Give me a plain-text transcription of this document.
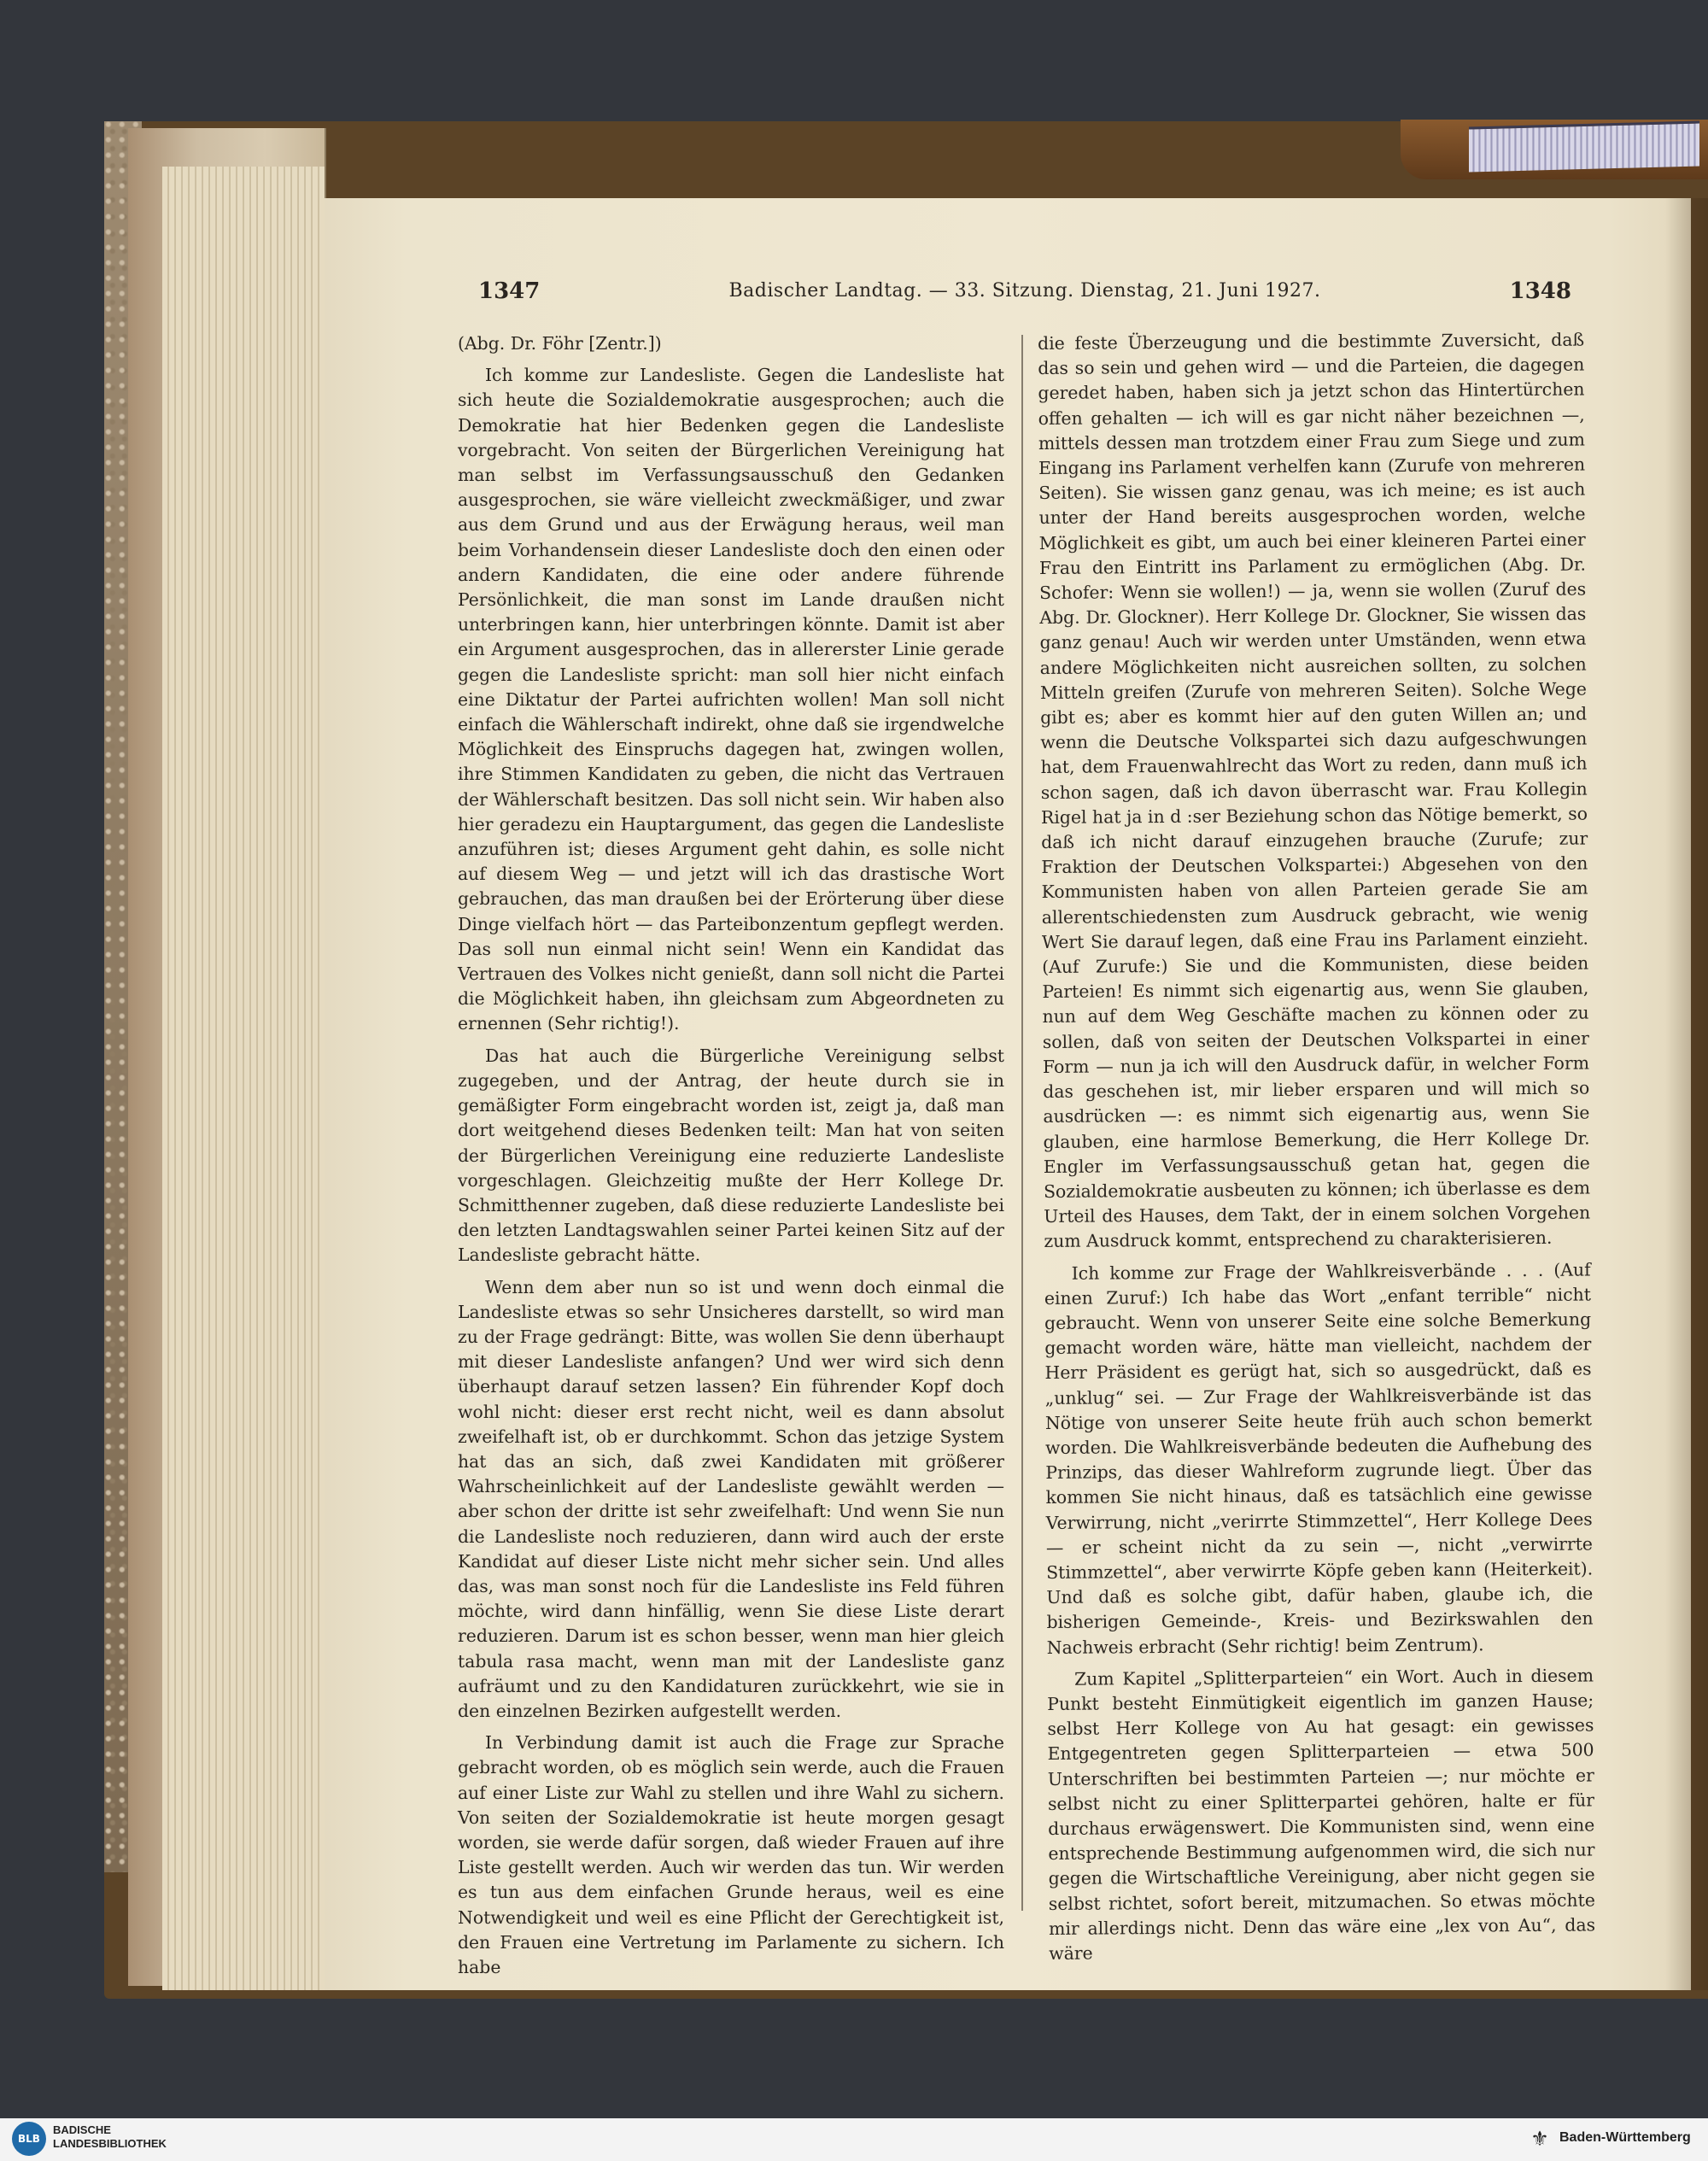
1347	Badischer Landtag. — 33. Sitzung. Dienstag, 21. Juni 1927.	1348

(Abg. Dr. Föhr [Zentr.])

Ich komme zur Landesliste. Gegen die Landesliste hat sich heute die Sozialdemokratie ausgesprochen; auch die Demokratie hat hier Bedenken gegen die Landesliste vorgebracht. Von seiten der Bürgerlichen Vereinigung hat man selbst im Verfassungsausschuß den Gedanken ausgesprochen, sie wäre vielleicht zweckmäßiger, und zwar aus dem Grund und aus der Erwägung heraus, weil man beim Vorhandensein dieser Landesliste doch den einen oder andern Kandidaten, die eine oder andere führende Persönlichkeit, die man sonst im Lande draußen nicht unterbringen kann, hier unterbringen könnte. Damit ist aber ein Argument ausgesprochen, das in allererster Linie gerade gegen die Landesliste spricht: man soll hier nicht einfach eine Diktatur der Partei aufrichten wollen! Man soll nicht einfach die Wählerschaft indirekt, ohne daß sie irgendwelche Möglichkeit des Einspruchs dagegen hat, zwingen wollen, ihre Stimmen Kandidaten zu geben, die nicht das Vertrauen der Wählerschaft besitzen. Das soll nicht sein. Wir haben also hier geradezu ein Hauptargument, das gegen die Landesliste anzuführen ist; dieses Argument geht dahin, es solle nicht auf diesem Weg — und jetzt will ich das drastische Wort gebrauchen, das man draußen bei der Erörterung über diese Dinge vielfach hört — das Parteibonzentum gepflegt werden. Das soll nun einmal nicht sein! Wenn ein Kandidat das Vertrauen des Volkes nicht genießt, dann soll nicht die Partei die Möglichkeit haben, ihn gleichsam zum Abgeordneten zu ernennen (Sehr richtig!).

Das hat auch die Bürgerliche Vereinigung selbst zugegeben, und der Antrag, der heute durch sie in gemäßigter Form eingebracht worden ist, zeigt ja, daß man dort weitgehend dieses Bedenken teilt: Man hat von seiten der Bürgerlichen Vereinigung eine reduzierte Landesliste vorgeschlagen. Gleichzeitig mußte der Herr Kollege Dr. Schmitthenner zugeben, daß diese reduzierte Landesliste bei den letzten Landtagswahlen seiner Partei keinen Sitz auf der Landesliste gebracht hätte.

Wenn dem aber nun so ist und wenn doch einmal die Landesliste etwas so sehr Unsicheres darstellt, so wird man zu der Frage gedrängt: Bitte, was wollen Sie denn überhaupt mit dieser Landesliste anfangen? Und wer wird sich denn überhaupt darauf setzen lassen? Ein führender Kopf doch wohl nicht: dieser erst recht nicht, weil es dann absolut zweifelhaft ist, ob er durchkommt. Schon das jetzige System hat das an sich, daß zwei Kandidaten mit größerer Wahrscheinlichkeit auf der Landesliste gewählt werden — aber schon der dritte ist sehr zweifelhaft: Und wenn Sie nun die Landesliste noch reduzieren, dann wird auch der erste Kandidat auf dieser Liste nicht mehr sicher sein. Und alles das, was man sonst noch für die Landesliste ins Feld führen möchte, wird dann hinfällig, wenn Sie diese Liste derart reduzieren. Darum ist es schon besser, wenn man hier gleich tabula rasa macht, wenn man mit der Landesliste ganz aufräumt und zu den Kandidaturen zurückkehrt, wie sie in den einzelnen Bezirken aufgestellt werden.

In Verbindung damit ist auch die Frage zur Sprache gebracht worden, ob es möglich sein werde, auch die Frauen auf einer Liste zur Wahl zu stellen und ihre Wahl zu sichern. Von seiten der Sozialdemokratie ist heute morgen gesagt worden, sie werde dafür sorgen, daß wieder Frauen auf ihre Liste gestellt werden. Auch wir werden das tun. Wir werden es tun aus dem einfachen Grunde heraus, weil es eine Notwendigkeit und weil es eine Pflicht der Gerechtigkeit ist, den Frauen eine Vertretung im Parlamente zu sichern. Ich habe

die feste Überzeugung und die bestimmte Zuversicht, daß das so sein und gehen wird — und die Parteien, die dagegen geredet haben, haben sich ja jetzt schon das Hintertürchen offen gehalten — ich will es gar nicht näher bezeichnen —, mittels dessen man trotzdem einer Frau zum Siege und zum Eingang ins Parlament verhelfen kann (Zurufe von mehreren Seiten). Sie wissen ganz genau, was ich meine; es ist auch unter der Hand bereits ausgesprochen worden, welche Möglichkeit es gibt, um auch bei einer kleineren Partei einer Frau den Eintritt ins Parlament zu ermöglichen (Abg. Dr. Schofer: Wenn sie wollen!) — ja, wenn sie wollen (Zuruf des Abg. Dr. Glockner). Herr Kollege Dr. Glockner, Sie wissen das ganz genau! Auch wir werden unter Umständen, wenn etwa andere Möglichkeiten nicht ausreichen sollten, zu solchen Mitteln greifen (Zurufe von mehreren Seiten). Solche Wege gibt es; aber es kommt hier auf den guten Willen an; und wenn die Deutsche Volkspartei sich dazu aufgeschwungen hat, dem Frauenwahlrecht das Wort zu reden, dann muß ich schon sagen, daß ich davon überrascht war. Frau Kollegin Rigel hat ja in d :ser Beziehung schon das Nötige bemerkt, so daß ich nicht darauf einzugehen brauche (Zurufe; zur Fraktion der Deutschen Volkspartei:) Abgesehen von den Kommunisten haben von allen Parteien gerade Sie am allerentschiedensten zum Ausdruck gebracht, wie wenig Wert Sie darauf legen, daß eine Frau ins Parlament einzieht. (Auf Zurufe:) Sie und die Kommunisten, diese beiden Parteien! Es nimmt sich eigenartig aus, wenn Sie glauben, nun auf dem Weg Geschäfte machen zu können oder zu sollen, daß von seiten der Deutschen Volkspartei in einer Form — nun ja ich will den Ausdruck dafür, in welcher Form das geschehen ist, mir lieber ersparen und will mich so ausdrücken —: es nimmt sich eigenartig aus, wenn Sie glauben, eine harmlose Bemerkung, die Herr Kollege Dr. Engler im Verfassungsausschuß getan hat, gegen die Sozialdemokratie ausbeuten zu können; ich überlasse es dem Urteil des Hauses, dem Takt, der in einem solchen Vorgehen zum Ausdruck kommt, entsprechend zu charakterisieren.

Ich komme zur Frage der Wahlkreisverbände . . . (Auf einen Zuruf:) Ich habe das Wort „enfant terrible“ nicht gebraucht. Wenn von unserer Seite eine solche Bemerkung gemacht worden wäre, hätte man vielleicht, nachdem der Herr Präsident es gerügt hat, sich so ausgedrückt, daß es „unklug“ sei. — Zur Frage der Wahlkreisverbände ist das Nötige von unserer Seite heute früh auch schon bemerkt worden. Die Wahlkreisverbände bedeuten die Aufhebung des Prinzips, das dieser Wahlreform zugrunde liegt. Über das kommen Sie nicht hinaus, daß es tatsächlich eine gewisse Verwirrung, nicht „verirrte Stimmzettel“, Herr Kollege Dees — er scheint nicht da zu sein —, nicht „verwirrte Stimmzettel“, aber verwirrte Köpfe geben kann (Heiterkeit). Und daß es solche gibt, dafür haben, glaube ich, die bisherigen Gemeinde-, Kreis- und Bezirkswahlen den Nachweis erbracht (Sehr richtig! beim Zentrum).

Zum Kapitel „Splitterparteien“ ein Wort. Auch in diesem Punkt besteht Einmütigkeit eigentlich im ganzen Hause; selbst Herr Kollege von Au hat gesagt: ein gewisses Entgegentreten gegen Splitterparteien — etwa 500 Unterschriften bei bestimmten Parteien —; nur möchte er selbst nicht zu einer Splitterpartei gehören, halte er für durchaus erwägenswert. Die Kommunisten sind, wenn eine entsprechende Bestimmung aufgenommen wird, die sich nur gegen die Wirtschaftliche Vereinigung, aber nicht gegen sie selbst richtet, sofort bereit, mitzumachen. So etwas möchte mir allerdings nicht. Denn das wäre eine „lex von Au“, das wäre

BLB
BADISCHE
LANDESBIBLIOTHEK	⚜ Baden-Württemberg
